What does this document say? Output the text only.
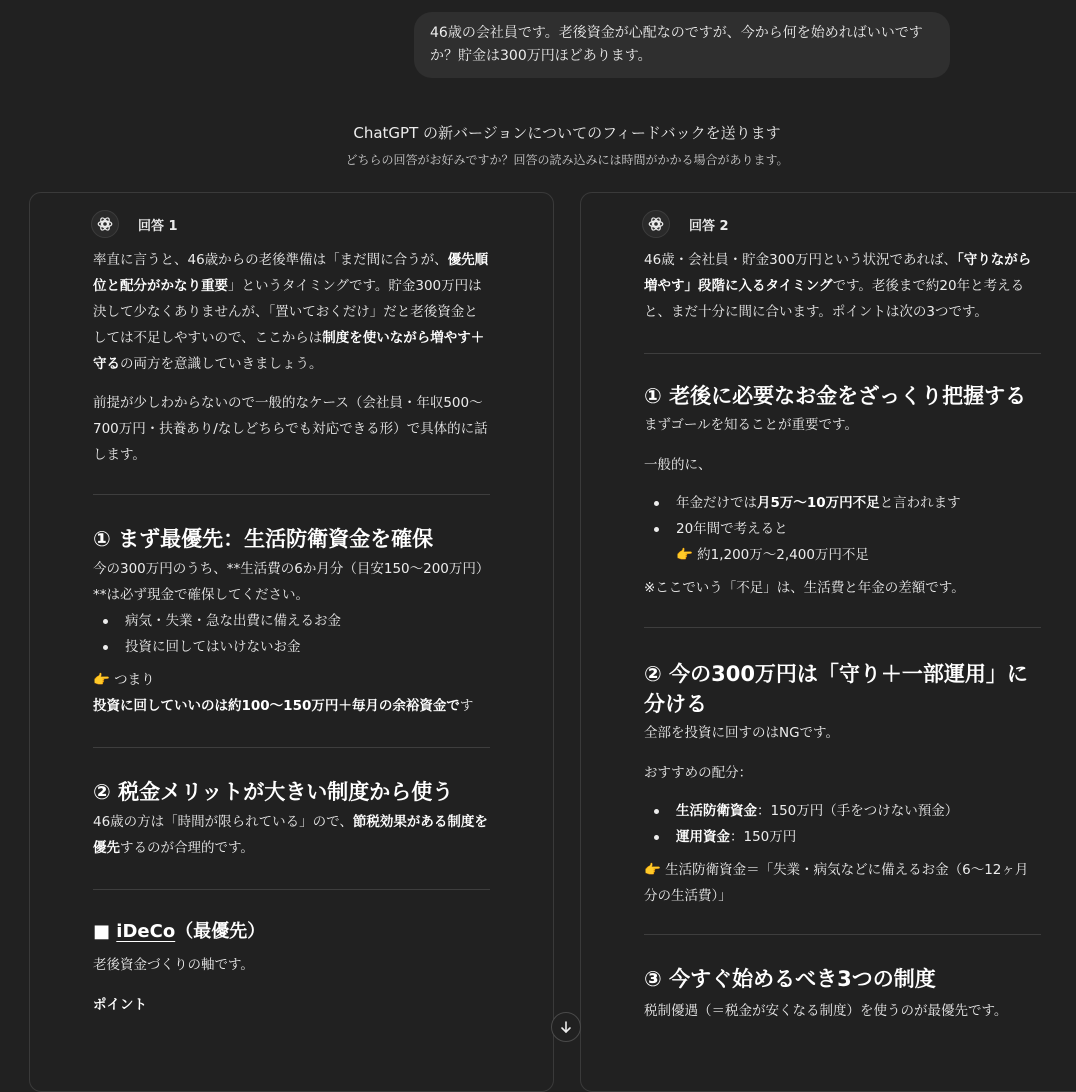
46歳の会社員です。老後資金が心配なのですが、今から何を始めればいいですか？貯金は300万円ほどあります。
ChatGPT の新バージョンについてのフィードバックを送ります
どちらの回答がお好みですか？回答の読み込みには時間がかかる場合があります。
回答 1

率直に言うと、46歳からの老後準備は「まだ間に合うが、優先順位と配分がかなり重要」というタイミングです。貯金300万円は決して少なくありませんが、「置いておくだけ」だと老後資金としては不足しやすいので、ここからは制度を使いながら増やす＋守るの両方を意識していきましょう。

前提が少しわからないので一般的なケース（会社員・年収500〜700万円・扶養あり/なしどちらでも対応できる形）で具体的に話します。

① まず最優先：生活防衛資金を確保

今の300万円のうち、**生活費の6か月分（目安150〜200万円）**は必ず現金で確保してください。

病気・失業・急な出費に備えるお金
投資に回してはいけないお金

👉 つまり

投資に回していいのは約100〜150万円＋毎月の余裕資金です

② 税金メリットが大きい制度から使う

46歳の方は「時間が限られている」ので、節税効果がある制度を優先するのが合理的です。

■ iDeCo（最優先）

老後資金づくりの軸です。

ポイント

回答 2

46歳・会社員・貯金300万円という状況であれば、「守りながら増やす」段階に入るタイミングです。老後まで約20年と考えると、まだ十分に間に合います。ポイントは次の3つです。

① 老後に必要なお金をざっくり把握する

まずゴールを知ることが重要です。

一般的に、

年金だけでは月5万〜10万円不足と言われます
20年間で考えると
👉 約1,200万〜2,400万円不足

※ここでいう「不足」は、生活費と年金の差額です。

② 今の300万円は「守り＋一部運用」に分ける

全部を投資に回すのはNGです。

おすすめの配分：

生活防衛資金：150万円（手をつけない預金）
運用資金：150万円

👉 生活防衛資金＝「失業・病気などに備えるお金（6〜12ヶ月分の生活費）」

③ 今すぐ始めるべき3つの制度

税制優遇（＝税金が安くなる制度）を使うのが最優先です。
